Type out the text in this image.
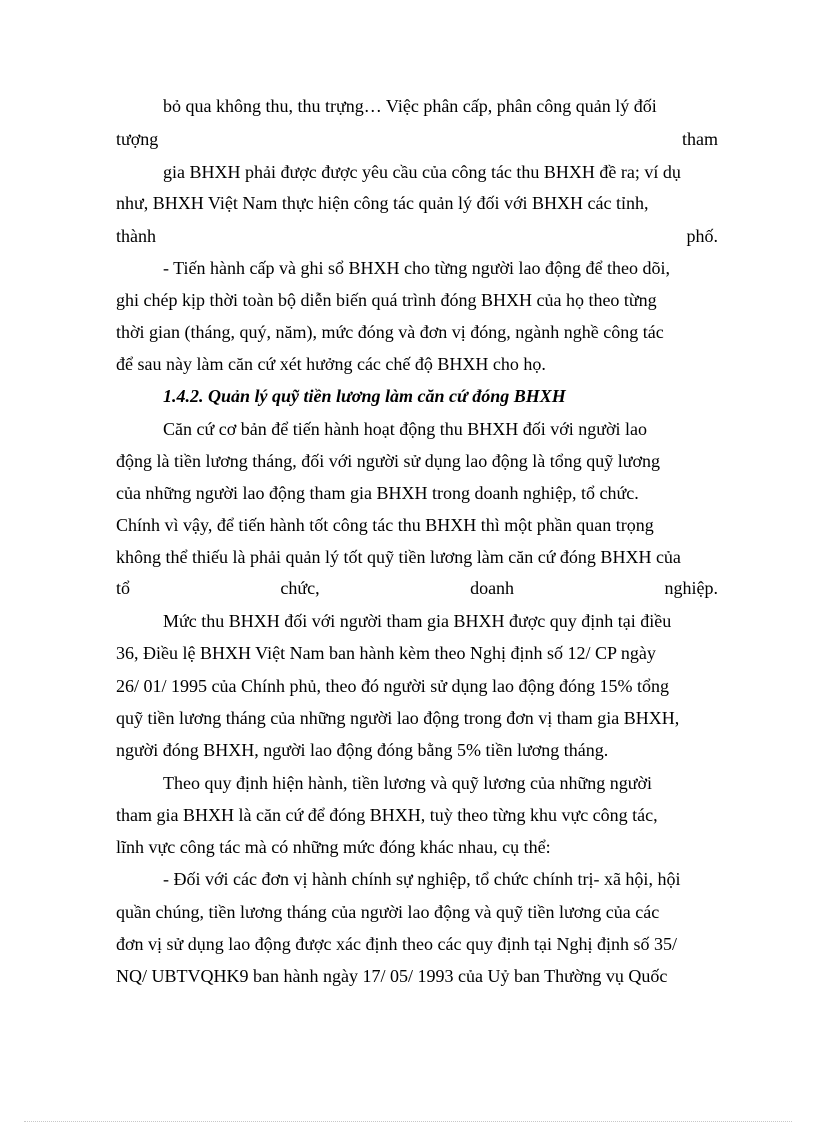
bỏ qua không thu, thu trựng… Việc phân cấp, phân công quản lý đối
tượng	tham
gia BHXH phải được được yêu cầu của công tác thu BHXH đề ra; ví dụ
như, BHXH Việt Nam thực hiện công tác quản lý đối với BHXH các tỉnh,
thành	phố.
- Tiến hành cấp và ghi sổ BHXH cho từng người lao động để theo dõi,
ghi chép kịp thời toàn bộ diễn biến quá trình đóng BHXH của họ theo từng
thời gian (tháng, quý, năm), mức đóng và đơn vị đóng, ngành nghề công tác
để sau này làm căn cứ xét hưởng các chế độ BHXH cho họ.
1.4.2. Quản lý quỹ tiền lương làm căn cứ đóng BHXH
Căn cứ cơ bản để tiến hành hoạt động thu BHXH đối với người lao
động là tiền lương tháng, đối với người sử dụng lao động là tổng quỹ lương
của những người lao động tham gia BHXH trong doanh nghiệp, tổ chức.
Chính vì vậy, để tiến hành tốt công tác thu BHXH thì một phần quan trọng
không thể thiếu là phải quản lý tốt quỹ tiền lương làm căn cứ đóng BHXH của
tổ	chức,	doanh	nghiệp.
Mức thu BHXH đối với người tham gia BHXH được quy định tại điều
36, Điều lệ BHXH Việt Nam ban hành kèm theo Nghị định số 12/ CP ngày
26/ 01/ 1995 của Chính phủ, theo đó người sử dụng lao động đóng 15% tổng
quỹ tiền lương tháng của những người lao động trong đơn vị tham gia BHXH,
người đóng BHXH, người lao động đóng bằng 5% tiền lương tháng.
Theo quy định hiện hành, tiền lương và quỹ lương của những người
tham gia BHXH là căn cứ để đóng BHXH, tuỳ theo từng khu vực công tác,
lĩnh vực công tác mà có những mức đóng khác nhau, cụ thể:
- Đối với các đơn vị hành chính sự nghiệp, tổ chức chính trị- xã hội, hội
quần chúng, tiền lương tháng của người lao động và quỹ tiền lương của các
đơn vị sử dụng lao động được xác định theo các quy định tại Nghị định số 35/
NQ/ UBTVQHK9 ban hành ngày 17/ 05/ 1993 của Uỷ ban Thường vụ Quốc
